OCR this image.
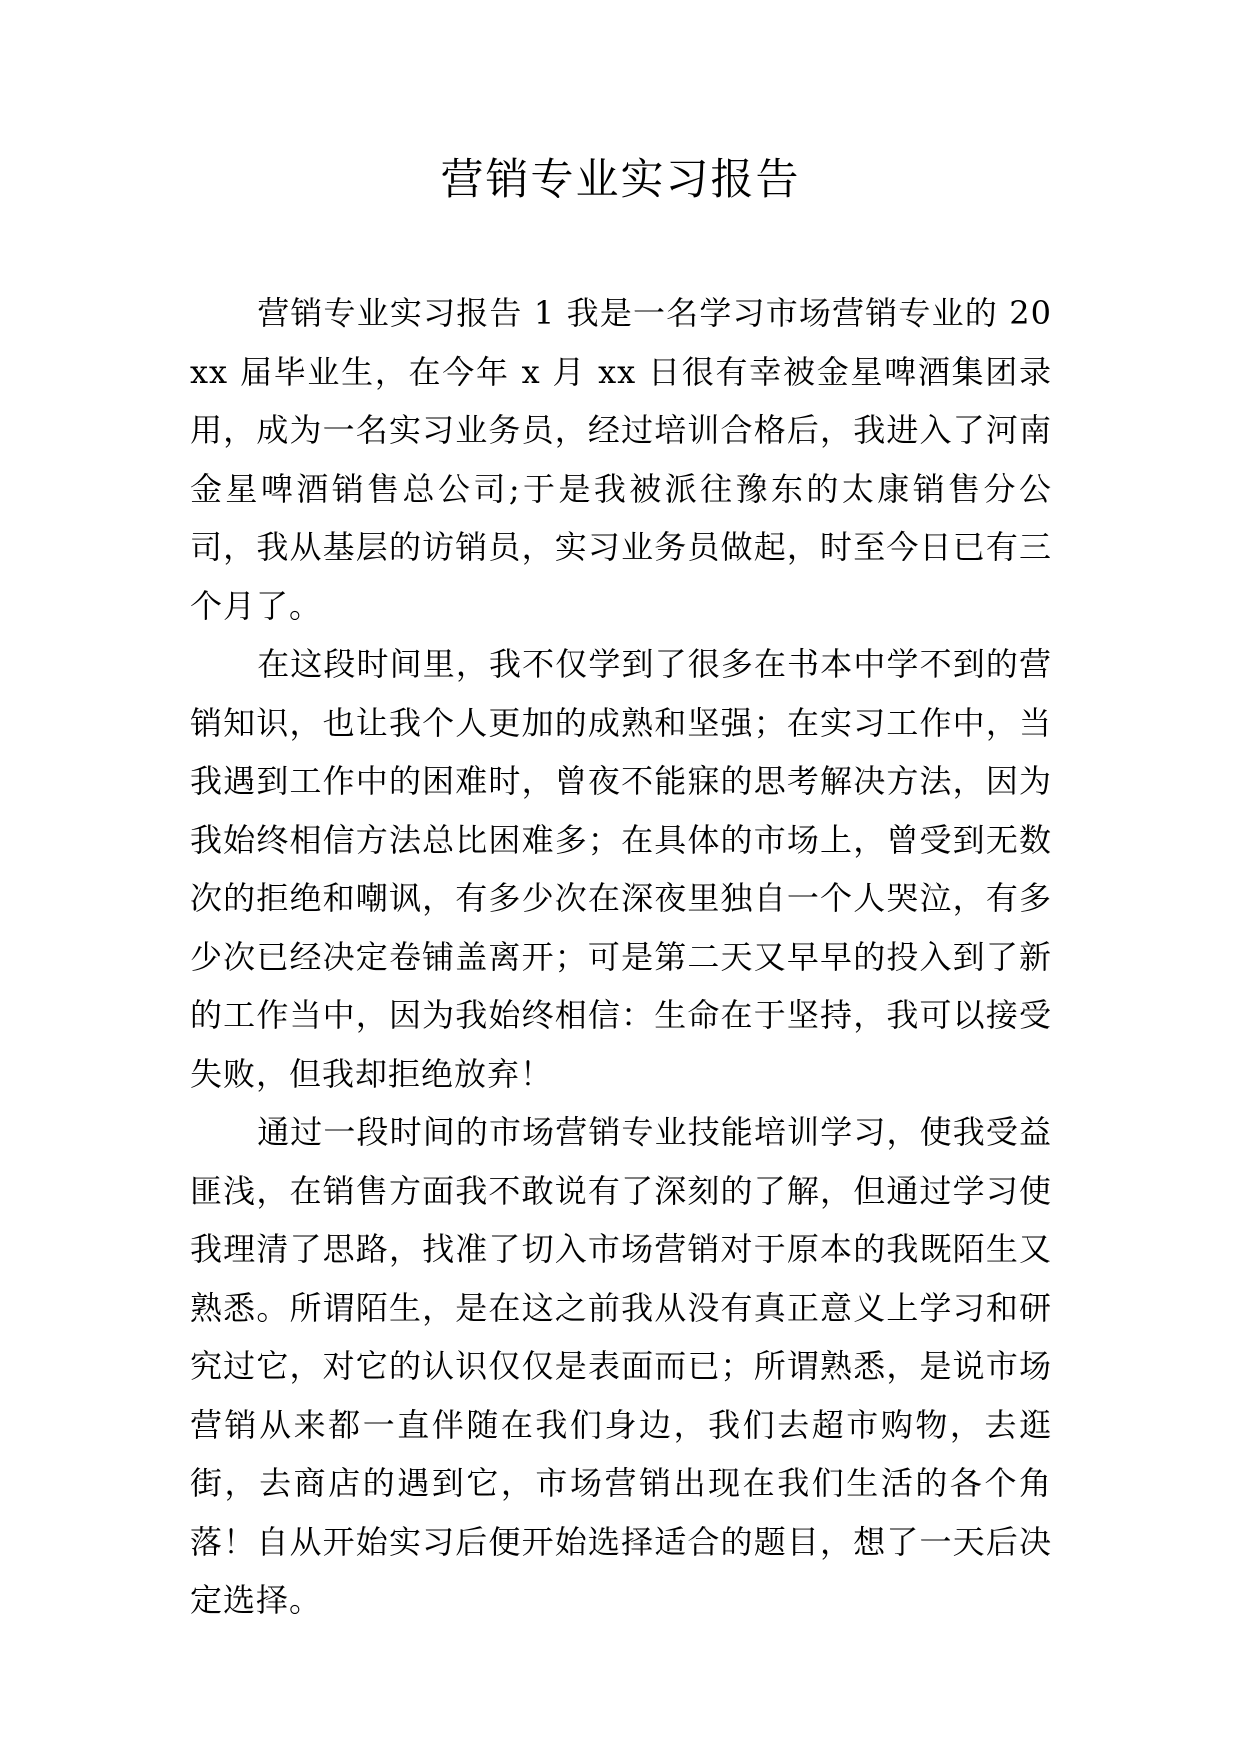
营销专业实习报告

营销专业实习报告 1 我是一名学习市场营销专业的 20xx 届毕业生，在今年 x 月 xx 日很有幸被金星啤酒集团录用，成为一名实习业务员，经过培训合格后，我进入了河南金星啤酒销售总公司;于是我被派往豫东的太康销售分公司，我从基层的访销员，实习业务员做起，时至今日已有三个月了。

在这段时间里，我不仅学到了很多在书本中学不到的营销知识，也让我个人更加的成熟和坚强；在实习工作中，当我遇到工作中的困难时，曾夜不能寐的思考解决方法，因为我始终相信方法总比困难多；在具体的市场上，曾受到无数次的拒绝和嘲讽，有多少次在深夜里独自一个人哭泣，有多少次已经决定卷铺盖离开；可是第二天又早早的投入到了新的工作当中，因为我始终相信：生命在于坚持，我可以接受失败，但我却拒绝放弃！

通过一段时间的市场营销专业技能培训学习，使我受益匪浅，在销售方面我不敢说有了深刻的了解，但通过学习使我理清了思路，找准了切入市场营销对于原本的我既陌生又熟悉。所谓陌生，是在这之前我从没有真正意义上学习和研究过它，对它的认识仅仅是表面而已；所谓熟悉，是说市场营销从来都一直伴随在我们身边，我们去超市购物，去逛街，去商店的遇到它，市场营销出现在我们生活的各个角落！自从开始实习后便开始选择适合的题目，想了一天后决定选择。
